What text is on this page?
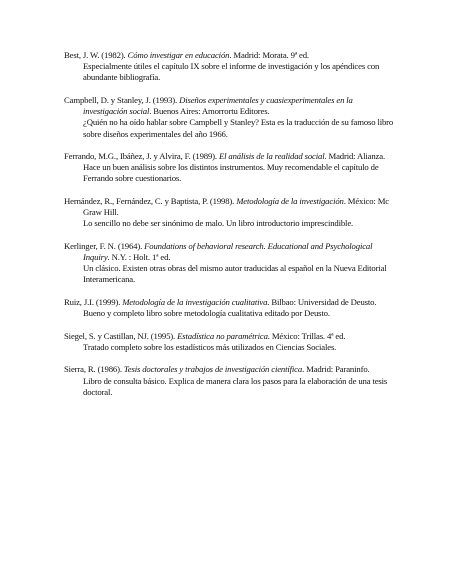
Best, J. W. (1982). Cómo investigar en educación. Madrid: Morata. 9ª ed.
Especialmente útiles el capítulo IX sobre el informe de investigación y los apéndices con abundante bibliografía.
Campbell, D. y Stanley, J. (1993). Diseños experimentales y cuasiexperimentales en la investigación social. Buenos Aires: Amorrortu Editores.
¿Quién no ha oído hablar sobre Campbell y Stanley? Esta es la traducción de su famoso libro sobre diseños experimentales del año 1966.
Ferrando, M.G., Ibáñez, J. y Alvira, F. (1989). El análisis de la realidad social. Madrid: Alianza.
Hace un buen análisis sobre los distintos instrumentos. Muy recomendable el capítulo de Ferrando sobre cuestionarios.
Hernández, R., Fernández, C. y Baptista, P. (1998). Metodología de la investigación. México: Mc Graw Hill.
Lo sencillo no debe ser sinónimo de malo. Un libro introductorio imprescindible.
Kerlinger, F. N. (1964). Foundations of behavioral research. Educational and Psychological Inquiry. N.Y. : Holt. 1ª ed.
Un clásico. Existen otras obras del mismo autor traducidas al español en la Nueva Editorial Interamericana.
Ruiz, J.I. (1999). Metodología de la investigación cualitativa. Bilbao: Universidad de Deusto.
Bueno y completo libro sobre metodología cualitativa editado por Deusto.
Siegel, S. y Castillan, NJ. (1995). Estadística no paramétrica. México: Trillas. 4ª ed.
Tratado completo sobre los estadísticos más utilizados en Ciencias Sociales.
Sierra, R. (1986). Tesis doctorales y trabajos de investigación científica. Madrid: Paraninfo.
Libro de consulta básico. Explica de manera clara los pasos para la elaboración de una tesis doctoral.
